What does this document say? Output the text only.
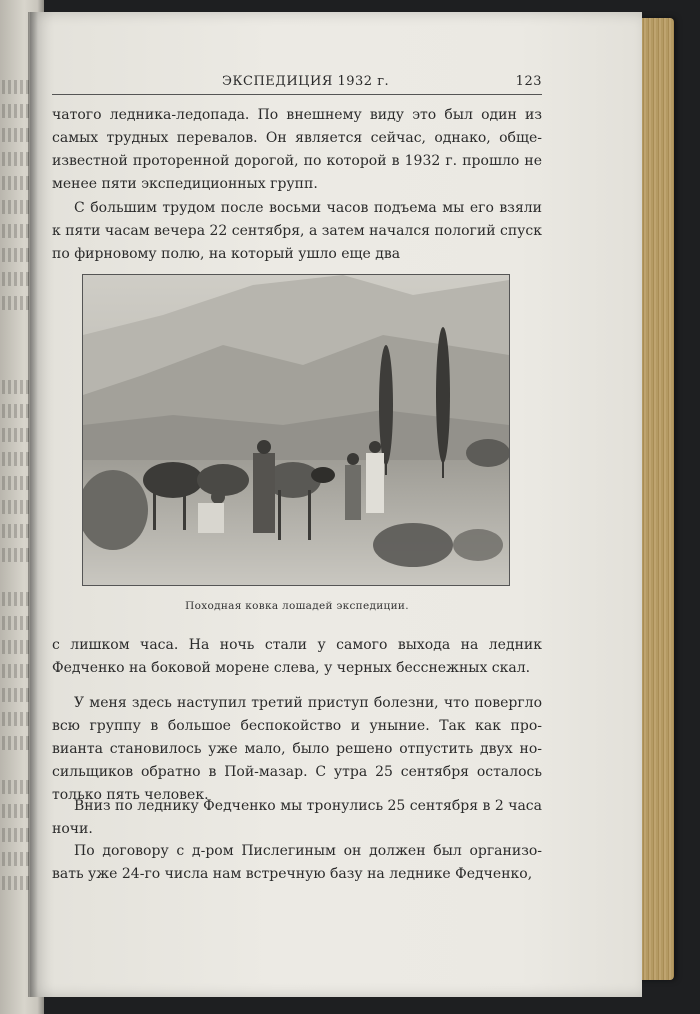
ЭКСПЕДИЦИЯ 1932 г.	123

чатого ледника-ледопада. По внешнему виду это был один из самых трудных перевалов. Он является сейчас, однако, обще-известной проторенной дорогой, по которой в 1932 г. прошло не менее пяти экспедиционных групп.

С большим трудом после восьми часов подъема мы его взяли к пяти часам вечера 22 сентября, а затем начался пологий спуск по фирновому полю, на который ушло еще два

Походная ковка лошадей экспедиции.

с лишком часа. На ночь стали у самого выхода на ледник Федченко на боковой морене слева, у черных бесснежных скал.

У меня здесь наступил третий приступ болезни, что повергло всю группу в большое беспокойство и уныние. Так как про-вианта становилось уже мало, было решено отпустить двух но-сильщиков обратно в Пой-мазар. С утра 25 сентября осталось только пять человек.

Вниз по леднику Федченко мы тронулись 25 сентября в 2 часа ночи.

По договору с д-ром Пислегиным он должен был организо-вать уже 24-го числа нам встречную базу на леднике Федченко,
